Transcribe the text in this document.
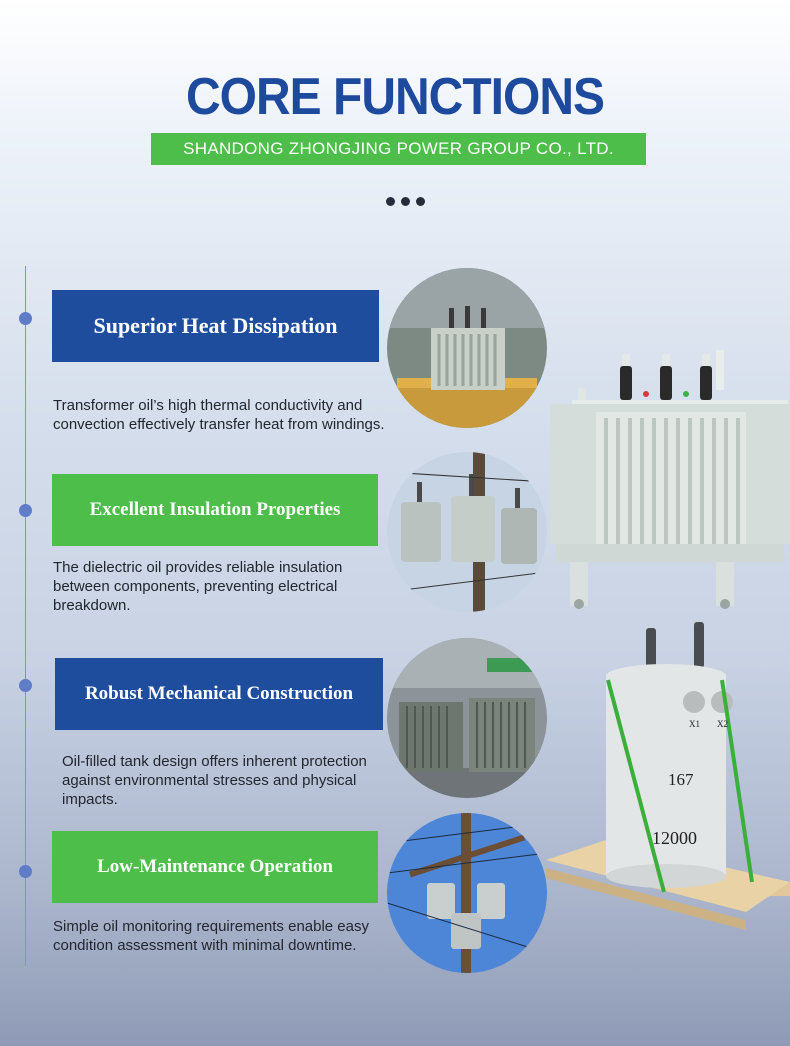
CORE FUNCTIONS
SHANDONG ZHONGJING POWER GROUP CO., LTD.
Superior Heat Dissipation
Transformer oil’s high thermal conductivity and convection effectively transfer heat from windings.
Excellent Insulation Properties
The dielectric oil provides reliable insulation between components, preventing electrical breakdown.
Robust Mechanical Construction
Oil-filled tank design offers inherent protection against environmental stresses and physical impacts.
Low-Maintenance Operation
Simple oil monitoring requirements enable easy condition assessment with minimal downtime.
X1 X2
167
12000
